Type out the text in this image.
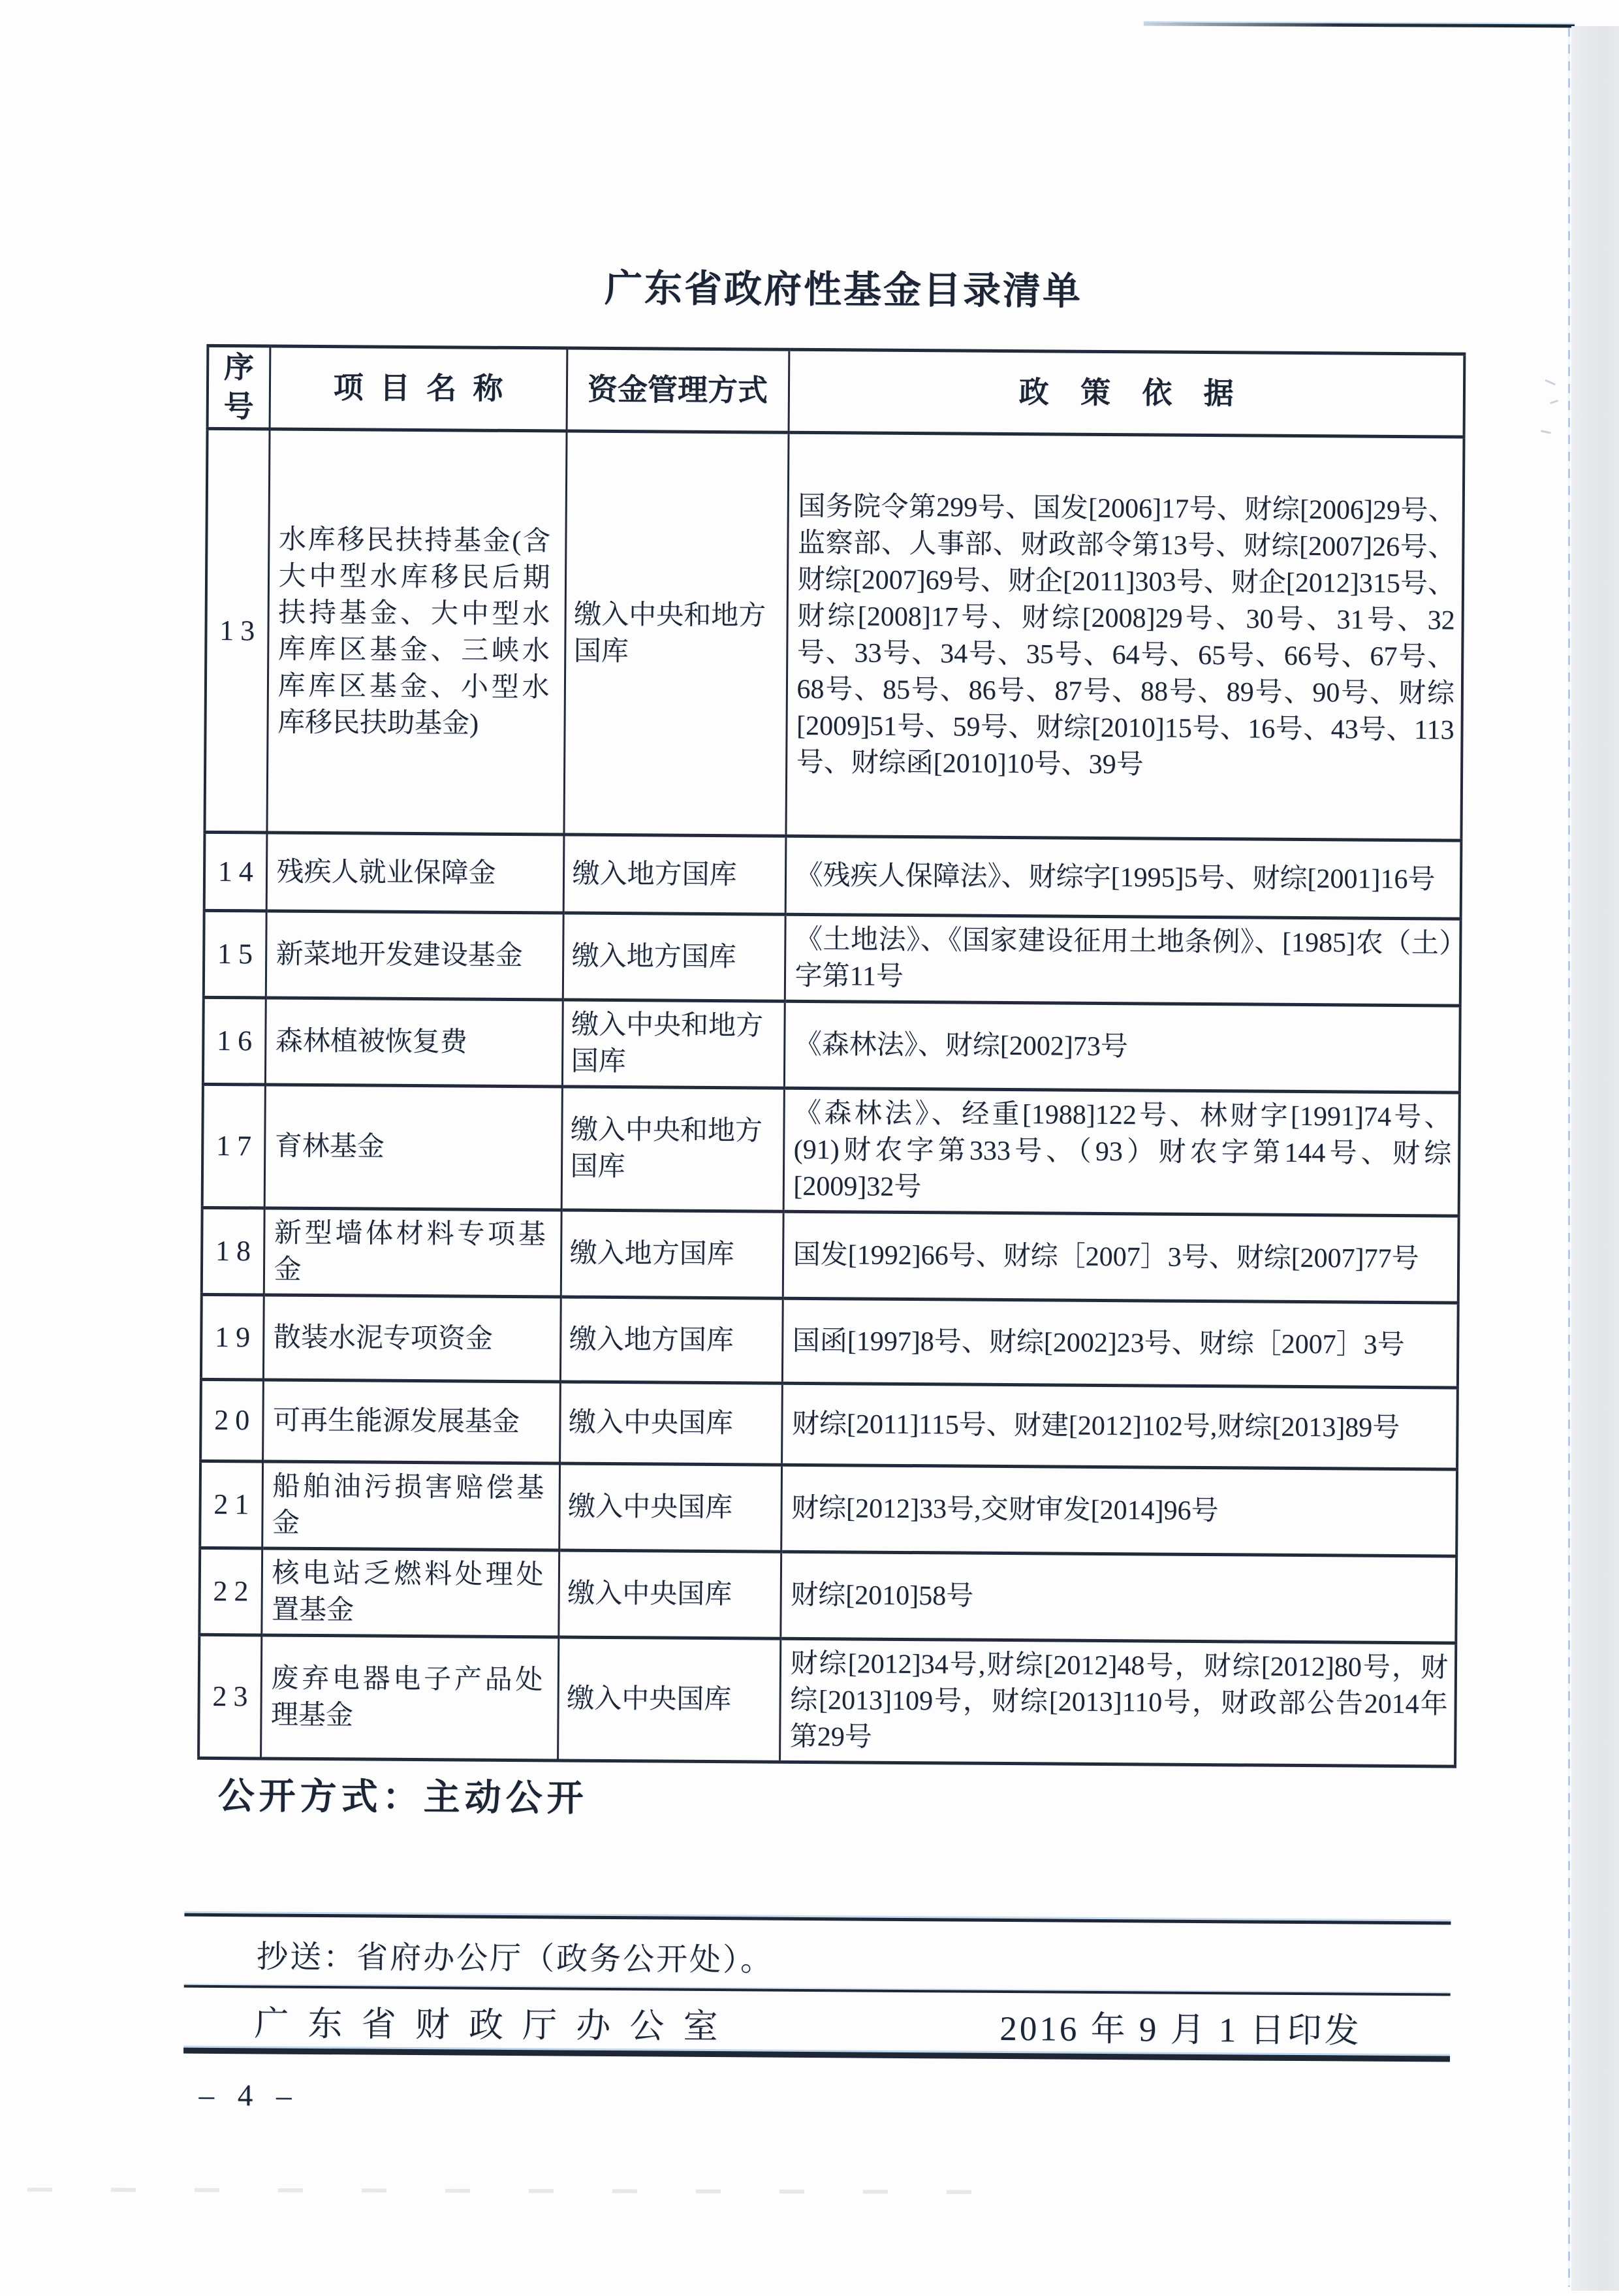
广东省政府性基金目录清单
序号	项目名称	资金管理方式	政策依据
13	水库移民扶持基金(含大中型水库移民后期扶持基金、大中型水库库区基金、三峡水库库区基金、小型水库移民扶助基金)	缴入中央和地方国库	国务院令第299号、国发[2006]17号、财综[2006]29号、监察部、人事部、财政部令第13号、财综[2007]26号、财综[2007]69号、财企[2011]303号、财企[2012]315号、财综[2008]17号、财综[2008]29号、30号、31号、32号、33号、34号、35号、64号、65号、66号、67号、68号、85号、86号、87号、88号、89号、90号、财综[2009]51号、59号、财综[2010]15号、16号、43号、113号、财综函[2010]10号、39号
14	残疾人就业保障金	缴入地方国库	《残疾人保障法》、财综字[1995]5号、财综[2001]16号
15	新菜地开发建设基金	缴入地方国库	《土地法》、《国家建设征用土地条例》、[1985]农（土）字第11号
16	森林植被恢复费	缴入中央和地方国库	《森林法》、财综[2002]73号
17	育林基金	缴入中央和地方国库	《森林法》、经重[1988]122号、林财字[1991]74号、(91)财农字第333号、（93）财农字第144号、财综[2009]32号
18	新型墙体材料专项基金	缴入地方国库	国发[1992]66号、财综［2007］3号、财综[2007]77号
19	散装水泥专项资金	缴入地方国库	国函[1997]8号、财综[2002]23号、财综［2007］3号
20	可再生能源发展基金	缴入中央国库	财综[2011]115号、财建[2012]102号,财综[2013]89号
21	船舶油污损害赔偿基金	缴入中央国库	财综[2012]33号,交财审发[2014]96号
22	核电站乏燃料处理处置基金	缴入中央国库	财综[2010]58号
23	废弃电器电子产品处理基金	缴入中央国库	财综[2012]34号,财综[2012]48号，财综[2012]80号，财综[2013]109号，财综[2013]110号，财政部公告2014年第29号
公开方式：主动公开
抄送：省府办公厅（政务公开处）。
广东省财政厅办公室	2016 年 9 月 1 日印发
– 4 –
